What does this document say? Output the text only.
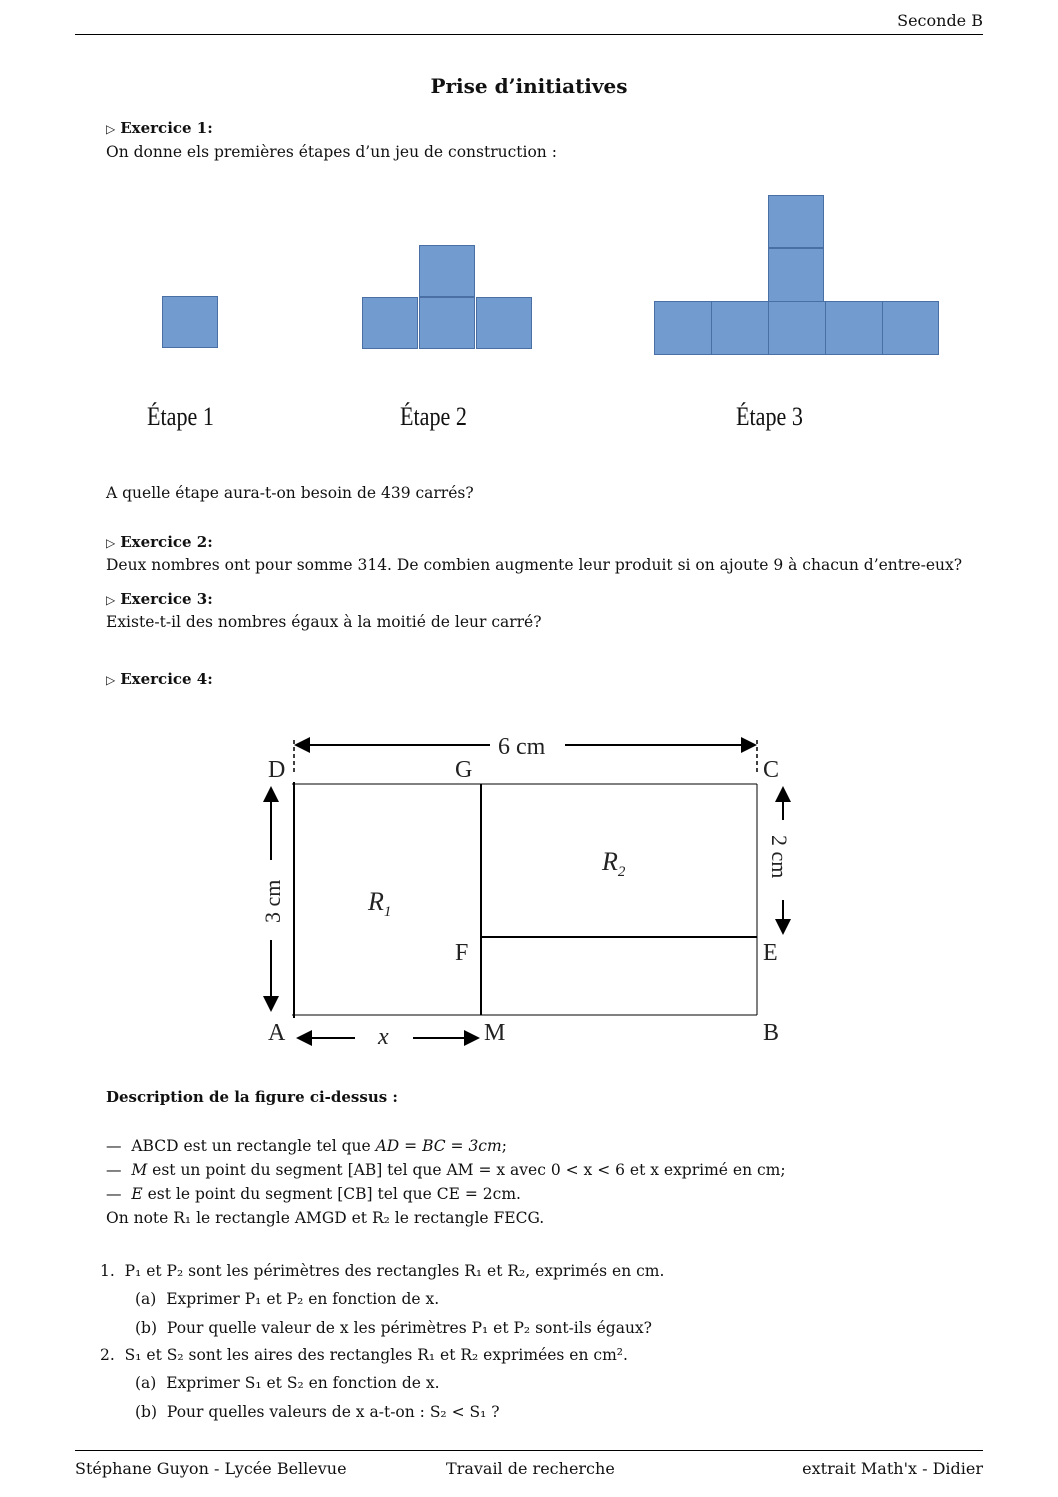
Seconde B
Prise d’initiatives
▷ Exercice 1:
On donne els premières étapes d’un jeu de construction :
Étape 1	Étape 2	Étape 3
A quelle étape aura-t-on besoin de 439 carrés?
▷ Exercice 2:
Deux nombres ont pour somme 314. De combien augmente leur produit si on ajoute 9 à chacun d’entre-eux?
▷ Exercice 3:
Existe-t-il des nombres égaux à la moitié de leur carré?
▷ Exercice 4:
D	G	C
F	E
A	M	B
6 cm
x
3 cm
2 cm
$R_1$
$R_2$
Description de la figure ci-dessus :
— ABCD est un rectangle tel que AD = BC = 3cm;
— M est un point du segment [AB] tel que AM = x avec 0 < x < 6 et x exprimé en cm;
— E est le point du segment [CB] tel que CE = 2cm.
On note R₁ le rectangle AMGD et R₂ le rectangle FECG.
1. P₁ et P₂ sont les périmètres des rectangles R₁ et R₂, exprimés en cm.
(a) Exprimer P₁ et P₂ en fonction de x.
(b) Pour quelle valeur de x les périmètres P₁ et P₂ sont-ils égaux?
2. S₁ et S₂ sont les aires des rectangles R₁ et R₂ exprimées en cm².
(a) Exprimer S₁ et S₂ en fonction de x.
(b) Pour quelles valeurs de x a-t-on : S₂ < S₁ ?
Stéphane Guyon - Lycée Bellevue	Travail de recherche	extrait Math'x - Didier
